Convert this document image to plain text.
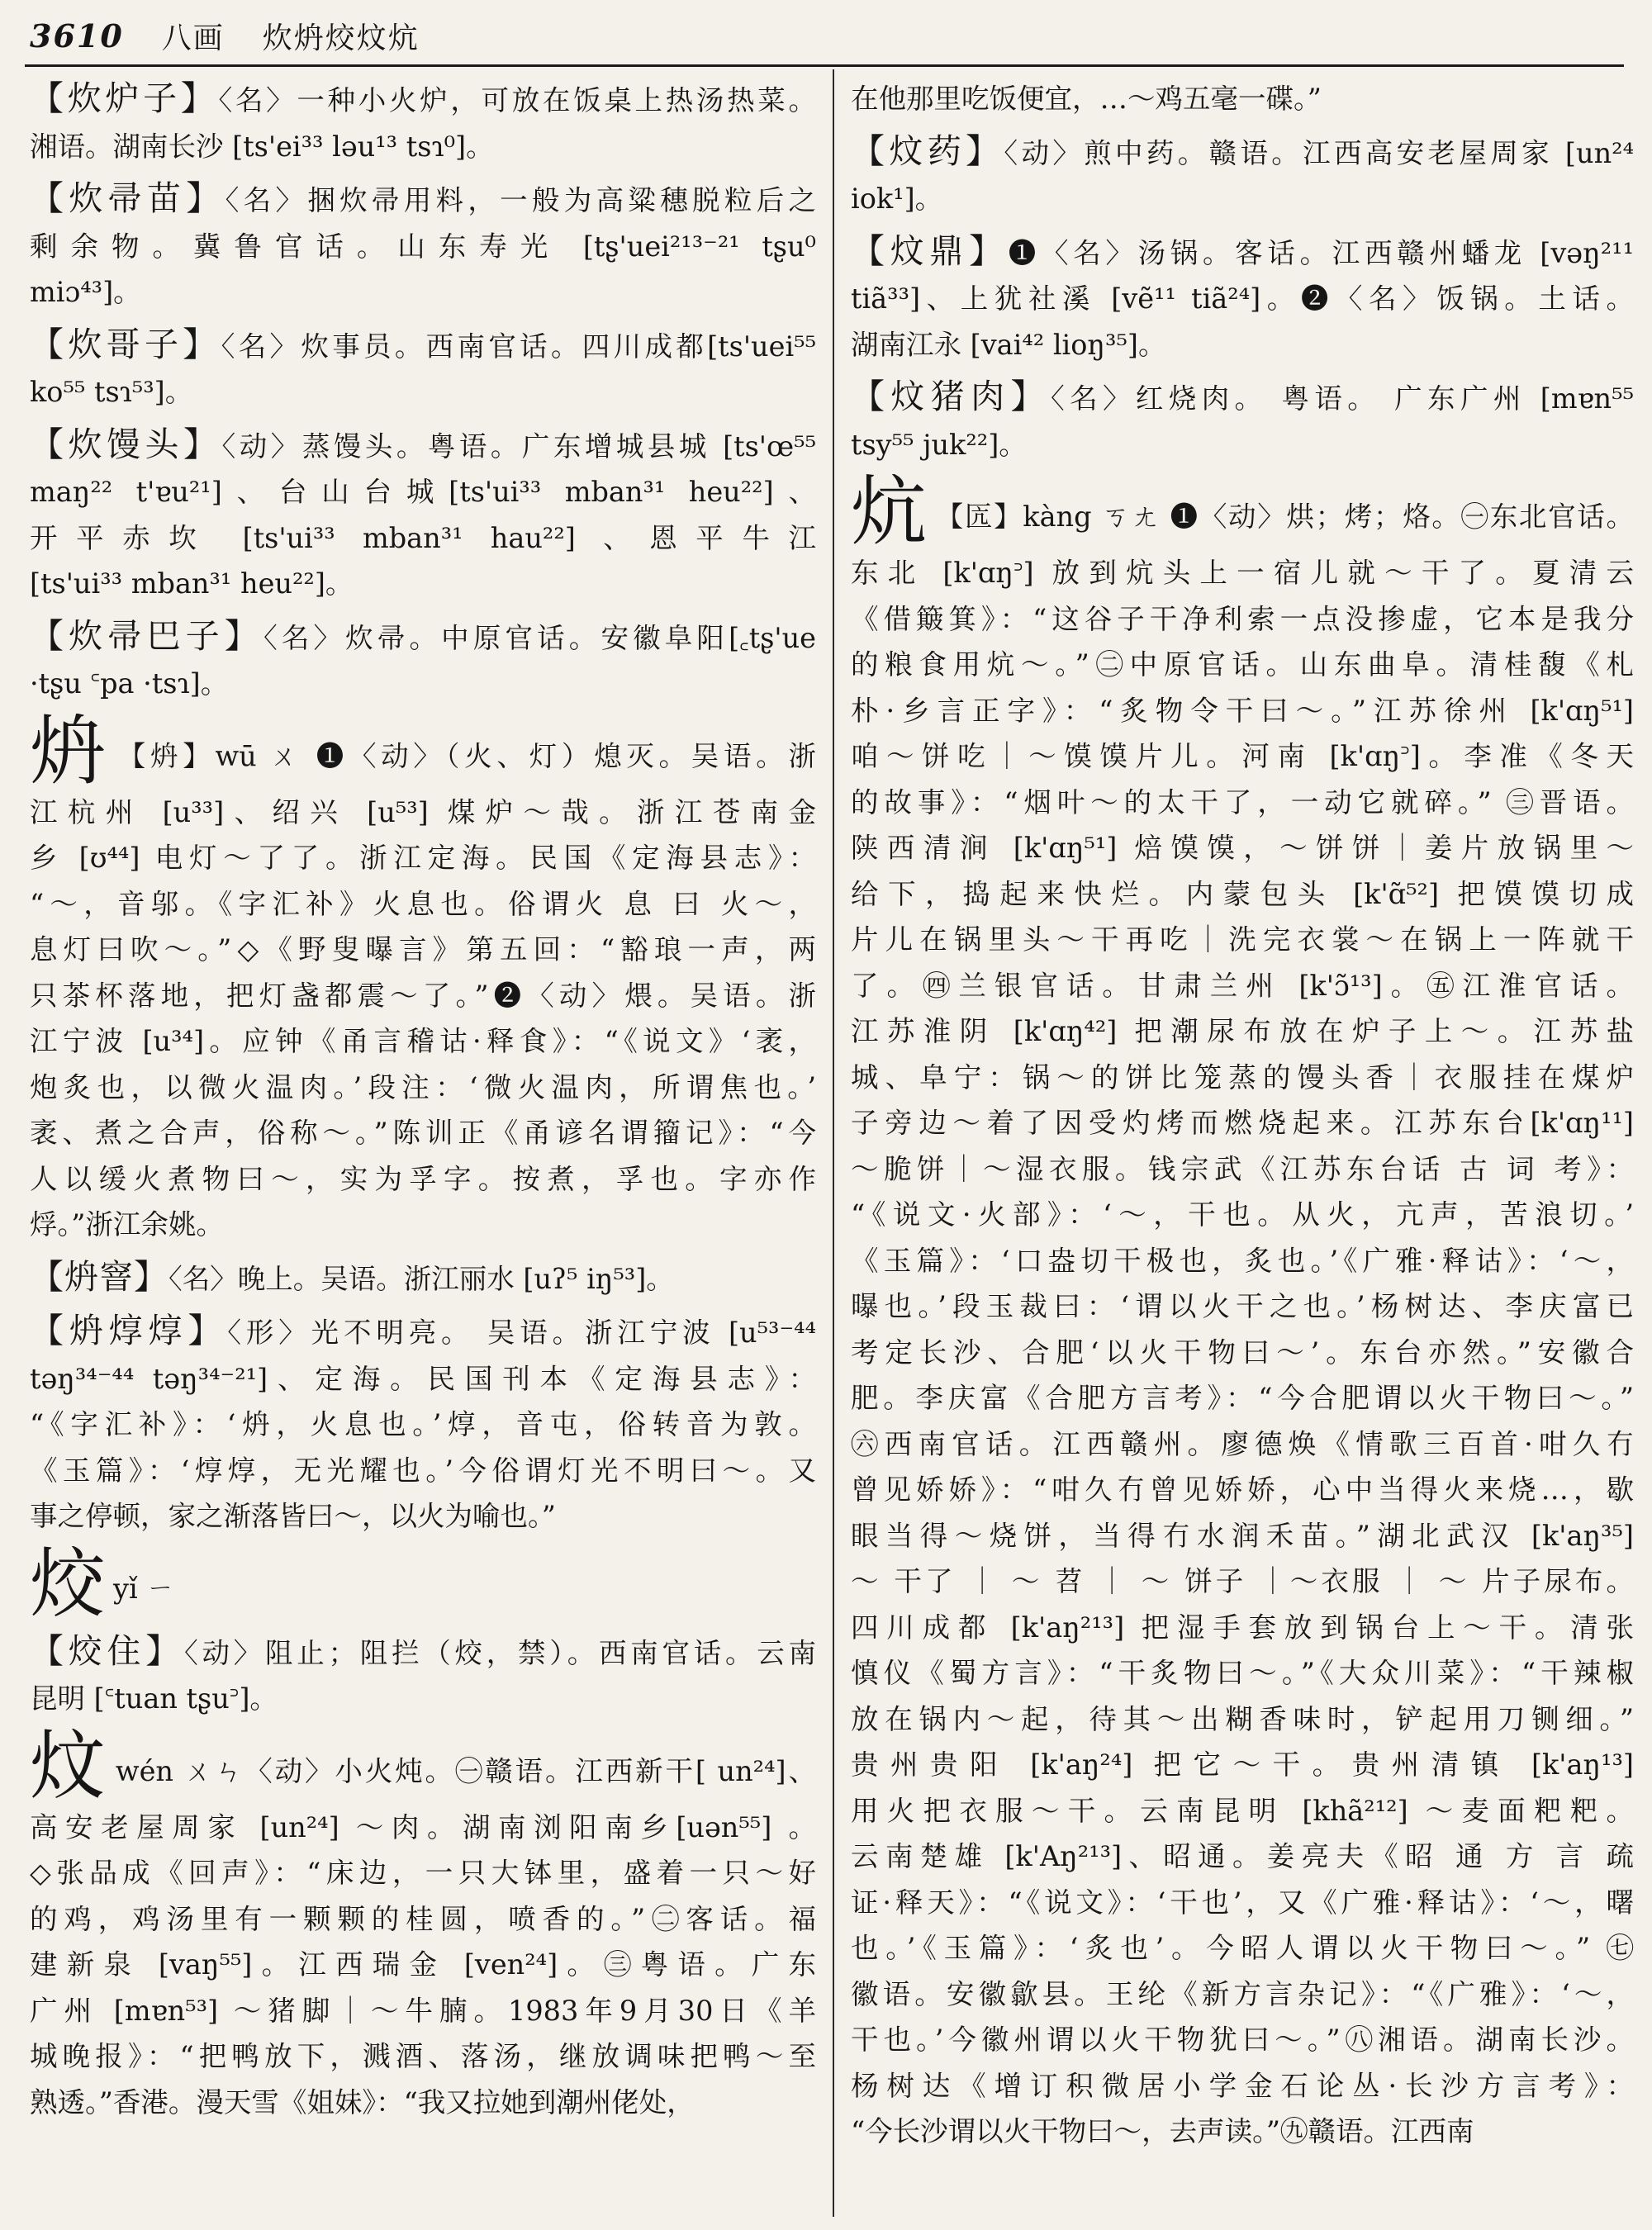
3610 八画 炊炿烄炆炕
【炊炉子】〈名〉一种小火炉，可放在饭桌上热汤热菜。
湘语。湖南长沙 [ts'ei³³ ləu¹³ tsɿ⁰]。
【炊帚苗】〈名〉捆炊帚用料，一般为高粱穗脱粒后之
剩余物。冀鲁官话。山东寿光 [tʂ'uei²¹³⁻²¹ tʂu⁰
miɔ⁴³]。
【炊哥子】〈名〉炊事员。西南官话。四川成都[ts'uei⁵⁵
ko⁵⁵ tsɿ⁵³]。
【炊馒头】〈动〉蒸馒头。粤语。广东增城县城 [ts'œ⁵⁵
maŋ²² t'ɐu²¹]、台山台城[ts'ui³³ mban³¹ heu²²]、
开平赤坎 [ts'ui³³ mban³¹ hau²²] 、恩平牛江
[ts'ui³³ mban³¹ heu²²]。
【炊帚巴子】〈名〉炊帚。中原官话。安徽阜阳[꜀tʂ'ue
·tʂu ꜂pa ·tsɿ]。
炿 【炿】wū ㄨ ❶〈动〉（火、灯）熄灭。吴语。浙
江杭州 [u³³]、绍兴 [u⁵³] 煤炉～哉。浙江苍南金
乡 [ʊ⁴⁴] 电灯～了了。浙江定海。民国《定海县志》：
“～，音邬。《字汇补》火息也。俗谓火 息 曰 火～，
息灯曰吹～。”◇《野叟曝言》第五回：“豁琅一声，两
只茶杯落地，把灯盏都震～了。”❷〈动〉煨。吴语。浙
江宁波 [u³⁴]。应钟《甬言稽诂·释食》：“《说文》‘袤，
炮炙也，以微火温肉。’段注：‘微火温肉，所谓焦也。’
袤、煮之合声，俗称～。”陈训正《甬谚名谓籀记》：“今
人以缓火煮物曰～，实为孚字。按煮，孚也。字亦作
烰。”浙江余姚。
【炿窨】〈名〉晚上。吴语。浙江丽水 [uʔ⁵ iŋ⁵³]。
【炿焞焞】〈形〉光不明亮。 吴语。浙江宁波 [u⁵³⁻⁴⁴
təŋ³⁴⁻⁴⁴ təŋ³⁴⁻²¹]、定海。民国刊本《定海县志》：
“《字汇补》：‘炿，火息也。’焞，音屯，俗转音为敦。
《玉篇》：‘焞焞，无光耀也。’今俗谓灯光不明曰～。又
事之停顿，家之渐落皆曰～，以火为喻也。”
烄yǐ ㄧ
【烄住】〈动〉阻止；阻拦（烄，禁）。西南官话。云南
昆明 [꜂tuan tʂu꜄]。
炆wén ㄨㄣ〈动〉小火炖。㊀赣语。江西新干[ un²⁴]、
高安老屋周家 [un²⁴] ～肉。湖南浏阳南乡[uən⁵⁵] 。
◇张品成《回声》：“床边，一只大钵里，盛着一只～好
的鸡，鸡汤里有一颗颗的桂圆，喷香的。”㊁客话。福
建新泉 [vaŋ⁵⁵]。江西瑞金 [ven²⁴]。㊂粤语。广东
广州 [mɐn⁵³] ～猪脚｜～牛腩。1983年9月30日《羊
城晚报》：“把鸭放下，溅酒、落汤，继放调味把鸭～至
熟透。”香港。漫天雪《姐妹》：“我又拉她到潮州佬处，
在他那里吃饭便宜，…～鸡五毫一碟。”
【炆药】〈动〉煎中药。赣语。江西高安老屋周家 [un²⁴
iok¹]。
【炆鼎】❶〈名〉汤锅。客话。江西赣州蟠龙 [vəŋ²¹¹
tiã³³]、上犹社溪 [vẽ¹¹ tiã²⁴]。❷〈名〉饭锅。土话。
湖南江永 [vai⁴² lioŋ³⁵]。
【炆猪肉】〈名〉红烧肉。 粤语。 广东广州 [mɐn⁵⁵
tsy⁵⁵ juk²²]。
炕 【匟】kàng ㄎㄤ ❶〈动〉烘；烤；烙。㊀东北官话。
东北 [k'ɑŋ꜄] 放到炕头上一宿儿就～干了。夏清云
《借簸箕》：“这谷子干净利索一点没掺虚，它本是我分
的粮食用炕～。”㊁中原官话。山东曲阜。清桂馥《札
朴·乡言正字》：“炙物令干曰～。”江苏徐州 [k'ɑŋ⁵¹]
咱～饼吃｜～馍馍片儿。河南 [k'ɑŋ꜄]。李准《冬天
的故事》：“烟叶～的太干了，一动它就碎。” ㊂晋语。
陕西清涧 [k'ɑŋ⁵¹] 焙馍馍，～饼饼｜姜片放锅里～
给下，捣起来快烂。内蒙包头 [k'ɑ̃⁵²] 把馍馍切成
片儿在锅里头～干再吃｜洗完衣裳～在锅上一阵就干
了。㊃兰银官话。甘肃兰州 [k'ɔ̃¹³]。㊄江淮官话。
江苏淮阴 [k'ɑŋ⁴²] 把潮尿布放在炉子上～。江苏盐
城、阜宁：锅～的饼比笼蒸的馒头香｜衣服挂在煤炉
子旁边～着了因受灼烤而燃烧起来。江苏东台[k'ɑŋ¹¹]
～脆饼｜～湿衣服。钱宗武《江苏东台话 古 词 考》：
“《说文·火部》：‘～，干也。从火，亢声，苦浪切。’
《玉篇》：‘口盎切干极也，炙也。’《广雅·释诂》：‘～，
曝也。’段玉裁曰：‘谓以火干之也。’杨树达、李庆富已
考定长沙、合肥‘以火干物曰～’。东台亦然。”安徽合
肥。李庆富《合肥方言考》：“今合肥谓以火干物曰～。”
㊅西南官话。江西赣州。廖德焕《情歌三百首·咁久冇
曾见娇娇》：“咁久冇曾见娇娇，心中当得火来烧…，歇
眼当得～烧饼，当得冇水润禾苗。”湖北武汉 [k'aŋ³⁵]
～ 干了 ｜ ～ 苕 ｜ ～ 饼子 ｜～衣服 ｜ ～ 片子尿布。
四川成都 [k'aŋ²¹³] 把湿手套放到锅台上～干。清张
慎仪《蜀方言》：“干炙物曰～。”《大众川菜》：“干辣椒
放在锅内～起，待其～出糊香味时，铲起用刀铡细。”
贵州贵阳 [k'aŋ²⁴] 把它～干。贵州清镇 [k'aŋ¹³]
用火把衣服～干。云南昆明 [khã²¹²] ～麦面粑粑。
云南楚雄 [k'Aŋ²¹³]、昭通。姜亮夫《昭 通 方 言 疏
证·释天》：“《说文》：‘干也’，又《广雅·释诂》：‘～，曙
也。’《玉篇》：‘炙也’。今昭人谓以火干物曰～。” ㊆
徽语。安徽歙县。王纶《新方言杂记》：“《广雅》：‘～，
干也。’今徽州谓以火干物犹曰～。”㊇湘语。湖南长沙。
杨树达《增订积微居小学金石论丛·长沙方言考》：
“今长沙谓以火干物曰～，去声读。”㊈赣语。江西南
